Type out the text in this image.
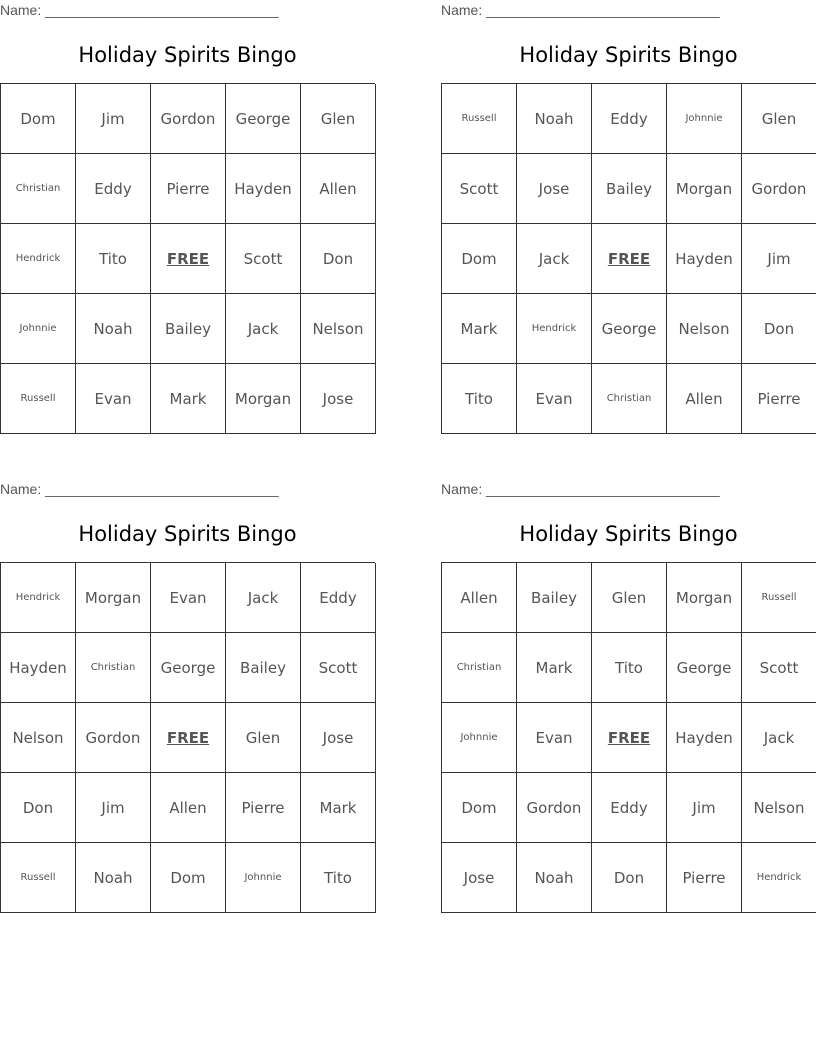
Name: ______________________________
Holiday Spirits Bingo
Dom	Jim	Gordon	George	Glen
Christian	Eddy	Pierre	Hayden	Allen
Hendrick	Tito	FREE	Scott	Don
Johnnie	Noah	Bailey	Jack	Nelson
Russell	Evan	Mark	Morgan	Jose
Name: ______________________________
Holiday Spirits Bingo
Russell	Noah	Eddy	Johnnie	Glen
Scott	Jose	Bailey	Morgan	Gordon
Dom	Jack	FREE	Hayden	Jim
Mark	Hendrick	George	Nelson	Don
Tito	Evan	Christian	Allen	Pierre
Name: ______________________________
Holiday Spirits Bingo
Hendrick	Morgan	Evan	Jack	Eddy
Hayden	Christian	George	Bailey	Scott
Nelson	Gordon	FREE	Glen	Jose
Don	Jim	Allen	Pierre	Mark
Russell	Noah	Dom	Johnnie	Tito
Name: ______________________________
Holiday Spirits Bingo
Allen	Bailey	Glen	Morgan	Russell
Christian	Mark	Tito	George	Scott
Johnnie	Evan	FREE	Hayden	Jack
Dom	Gordon	Eddy	Jim	Nelson
Jose	Noah	Don	Pierre	Hendrick
